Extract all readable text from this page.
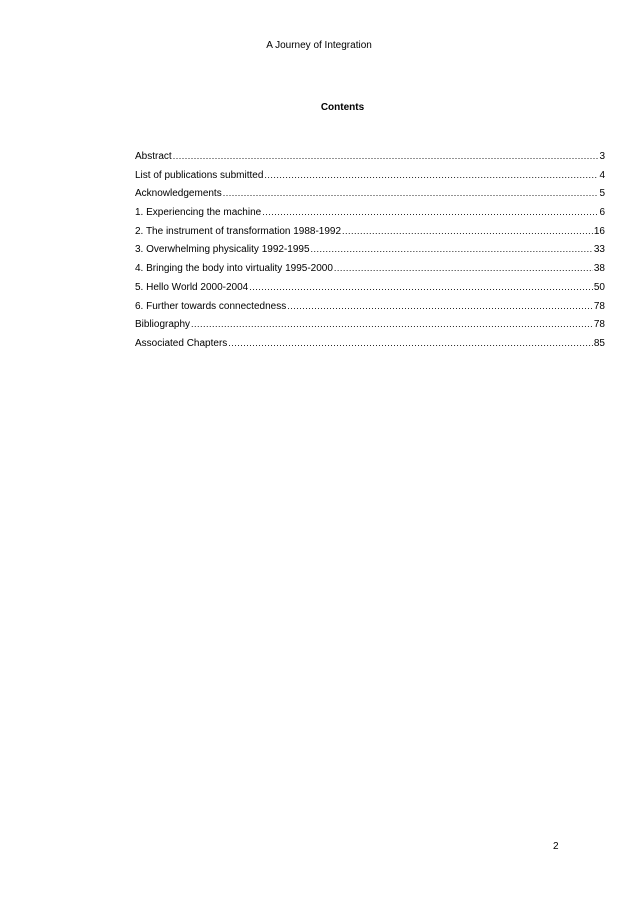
A Journey of Integration
Contents
Abstract .....	3
List of publications submitted .....	4
Acknowledgements .....	5
1. Experiencing the machine .....	6
2. The instrument of transformation 1988-1992 .....	16
3. Overwhelming physicality 1992-1995 .....	33
4. Bringing the body into virtuality 1995-2000 .....	38
5. Hello World 2000-2004 .....	50
6. Further towards connectedness .....	78
Bibliography .....	78
Associated Chapters .....	85
2
